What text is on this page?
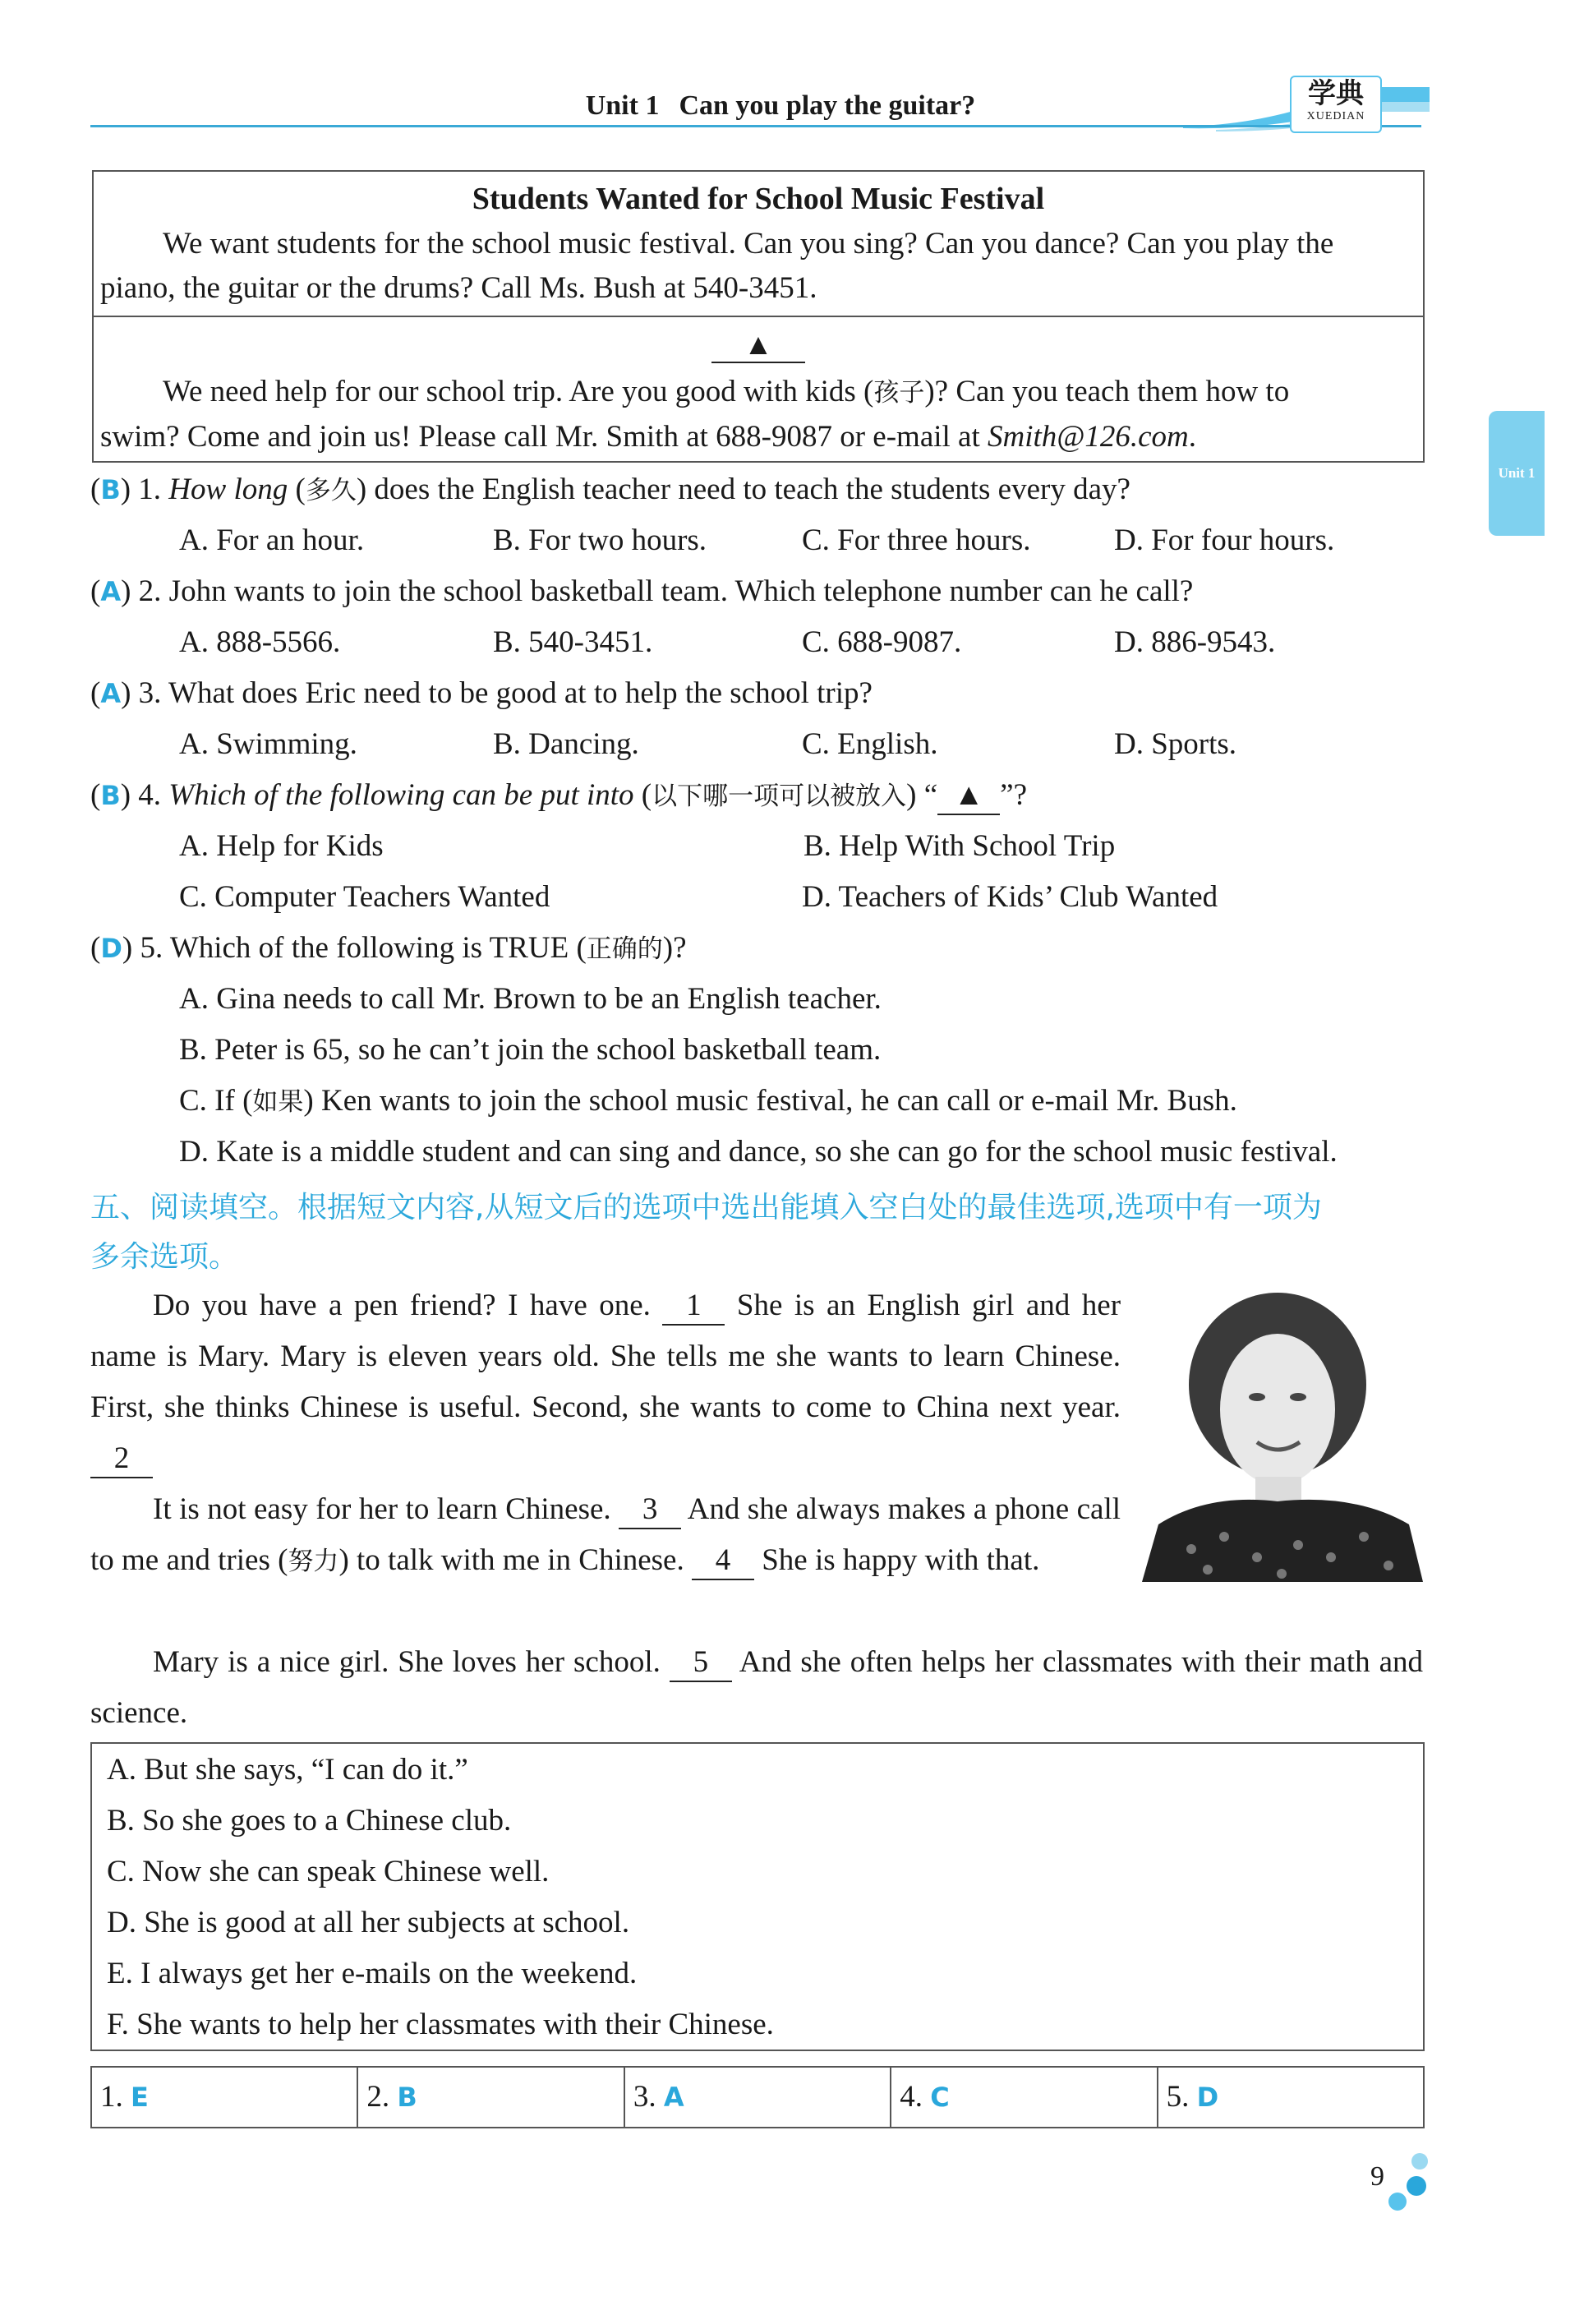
Unit 1 Can you play the guitar?	学典
XUEDIAN
Unit 1
Students Wanted for School Music Festival
We want students for the school music festival. Can you sing? Can you dance? Can you play the
piano, the guitar or the drums? Call Ms. Bush at 540-3451.
▲
We need help for our school trip. Are you good with kids (孩子)? Can you teach them how to
swim? Come and join us! Please call Mr. Smith at 688-9087 or e-mail at Smith@126.com.
(B) 1. How long (多久) does the English teacher need to teach the students every day?
A. For an hour.	B. For two hours.	C. For three hours.	D. For four hours.
(A) 2. John wants to join the school basketball team. Which telephone number can he call?
A. 888-5566.	B. 540-3451.	C. 688-9087.	D. 886-9543.
(A) 3. What does Eric need to be good at to help the school trip?
A. Swimming.	B. Dancing.	C. English.	D. Sports.
(B) 4. Which of the following can be put into (以下哪一项可以被放入) “ ▲ ”?
A. Help for Kids	B. Help With School Trip
C. Computer Teachers Wanted	D. Teachers of Kids’ Club Wanted
(D) 5. Which of the following is TRUE (正确的)?
A. Gina needs to call Mr. Brown to be an English teacher.
B. Peter is 65, so he can’t join the school basketball team.
C. If (如果) Ken wants to join the school music festival, he can call or e-mail Mr. Bush.
D. Kate is a middle student and can sing and dance, so she can go for the school music festival.
五、阅读填空。根据短文内容,从短文后的选项中选出能填入空白处的最佳选项,选项中有一项为
多余选项。
Do you have a pen friend? I have one. 1 She is an English girl and her name is Mary. Mary is eleven years old. She tells me she wants to learn Chinese. First, she thinks Chinese is useful. Second, she wants to come to China next year. 2
It is not easy for her to learn Chinese. 3 And she always makes a phone call to me and tries (努力) to talk with me in Chinese. 4 She is happy with that.
Mary is a nice girl. She loves her school. 5 And she often helps her classmates with their math and science.
A. But she says, “I can do it.”
B. So she goes to a Chinese club.
C. Now she can speak Chinese well.
D. She is good at all her subjects at school.
E. I always get her e-mails on the weekend.
F. She wants to help her classmates with their Chinese.
1. E	2. B	3. A	4. C	5. D
9
